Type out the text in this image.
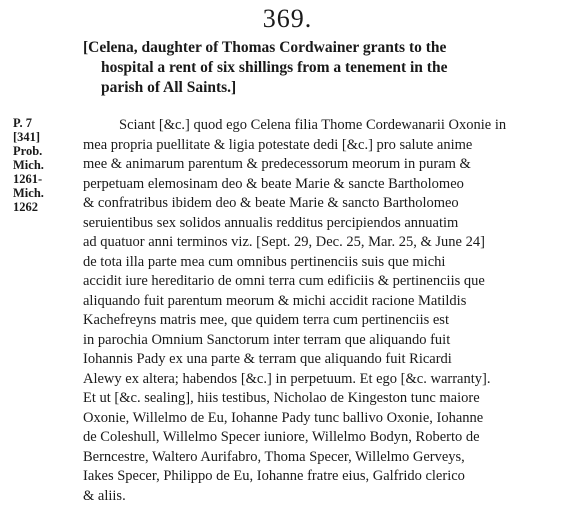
369.
[Celena, daughter of Thomas Cordwainer grants to the
hospital a rent of six shillings from a tenement in the
parish of All Saints.]
P. 7
[341]
Prob.
Mich.
1261-
Mich.
1262
Sciant [&c.] quod ego Celena filia Thome Cordewanarii Oxonie in
mea propria puellitate & ligia potestate dedi [&c.] pro salute anime
mee & animarum parentum & predecessorum meorum in puram &
perpetuam elemosinam deo & beate Marie & sancte Bartholomeo
& confratribus ibidem deo & beate Marie & sancto Bartholomeo
seruientibus sex solidos annualis redditus percipiendos annuatim
ad quatuor anni terminos viz. [Sept. 29, Dec. 25, Mar. 25, & June 24]
de tota illa parte mea cum omnibus pertinenciis suis que michi
accidit iure hereditario de omni terra cum edificiis & pertinenciis que
aliquando fuit parentum meorum & michi accidit racione Matildis
Kachefreyns matris mee, que quidem terra cum pertinenciis est
in parochia Omnium Sanctorum inter terram que aliquando fuit
Iohannis Pady ex una parte & terram que aliquando fuit Ricardi
Alewy ex altera; habendos [&c.] in perpetuum. Et ego [&c. warranty].
Et ut [&c. sealing], hiis testibus, Nicholao de Kingeston tunc maiore
Oxonie, Willelmo de Eu, Iohanne Pady tunc ballivo Oxonie, Iohanne
de Coleshull, Willelmo Specer iuniore, Willelmo Bodyn, Roberto de
Berncestre, Waltero Aurifabro, Thoma Specer, Willelmo Gerveys,
Iakes Specer, Philippo de Eu, Iohanne fratre eius, Galfrido clerico
& aliis.
